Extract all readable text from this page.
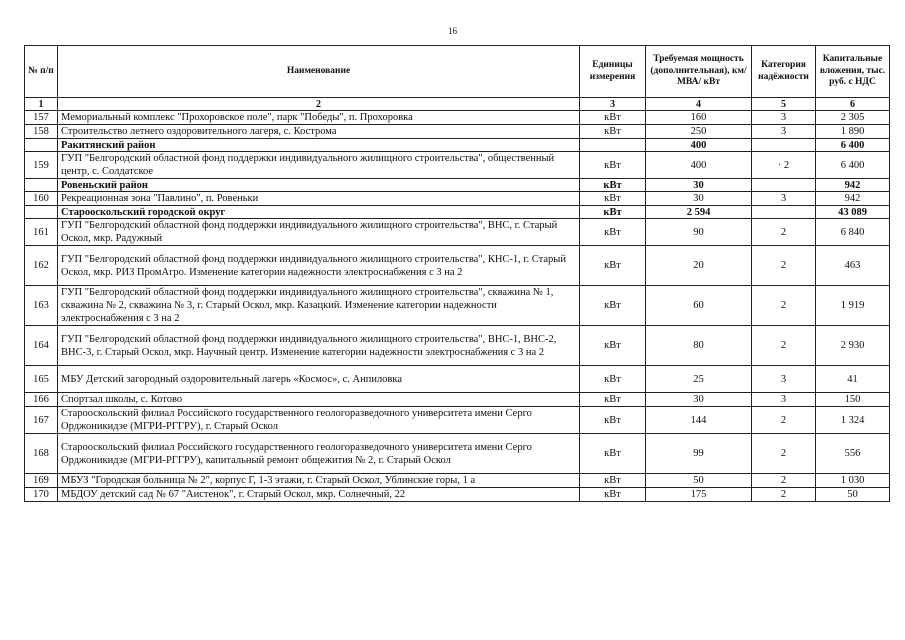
16
№ п/п	Наименование	Единицы измерения	Требуемая мощность (дополнительная), км/ МВА/ кВт	Категория надёжности	Капитальные вложения, тыс. руб. с НДС
1	2	3	4	5	6
157	Мемориальный комплекс "Прохоровское поле", парк "Победы", п. Прохоровка	кВт	160	3	2 305
158	Строительство летнего оздоровительного лагеря, с. Кострома	кВт	250	3	1 890
	Ракитянский район		400		6 400
159	ГУП "Белгородский областной фонд поддержки индивидуального жилищного строительства", общественный центр, с. Солдатское	кВт	400	· 2	6 400
	Ровеньский район	кВт	30		942
160	Рекреационная зона "Павлино", п. Ровеньки	кВт	30	3	942
	Старооскольский городской округ	кВт	2 594		43 089
161	ГУП "Белгородский областной фонд поддержки индивидуального жилищного строительства", ВНС, г. Старый Оскол, мкр. Радужный	кВт	90	2	6 840
162	ГУП "Белгородский областной фонд поддержки индивидуального жилищного строительства", КНС-1, г. Старый Оскол, мкр. РИЗ ПромАгро. Изменение категории надежности электроснабжения с 3 на 2	кВт	20	2	463
163	ГУП "Белгородский областной фонд поддержки индивидуального жилищного строительства", скважина № 1, скважина № 2, скважина № 3, г. Старый Оскол, мкр. Казацкий. Изменение категории надежности электроснабжения с 3 на 2	кВт	60	2	1 919
164	ГУП "Белгородский областной фонд поддержки индивидуального жилищного строительства", ВНС-1, ВНС-2, ВНС-3, г. Старый Оскол, мкр. Научный центр. Изменение категории надежности электроснабжения с 3 на 2	кВт	80	2	2 930
165	МБУ Детский загородный оздоровительный лагерь «Космос», с. Анпиловка	кВт	25	3	41
166	Спортзал школы, с. Котово	кВт	30	3	150
167	Старооскольский филиал Российского государственного геологоразведочного университета имени Серго Орджоникидзе (МГРИ-РГГРУ), г. Старый Оскол	кВт	144	2	1 324
168	Старооскольский филиал Российского государственного геологоразведочного университета имени Серго Орджоникидзе (МГРИ-РГГРУ), капитальный ремонт общежития № 2, г. Старый Оскол	кВт	99	2	556
169	МБУЗ "Городская больница № 2", корпус Г, 1-3 этажи, г. Старый Оскол, Ублинские горы, 1 а	кВт	50	2	1 030
170	МБДОУ детский сад № 67 "Аистенок", г. Старый Оскол, мкр. Солнечный, 22	кВт	175	2	50
